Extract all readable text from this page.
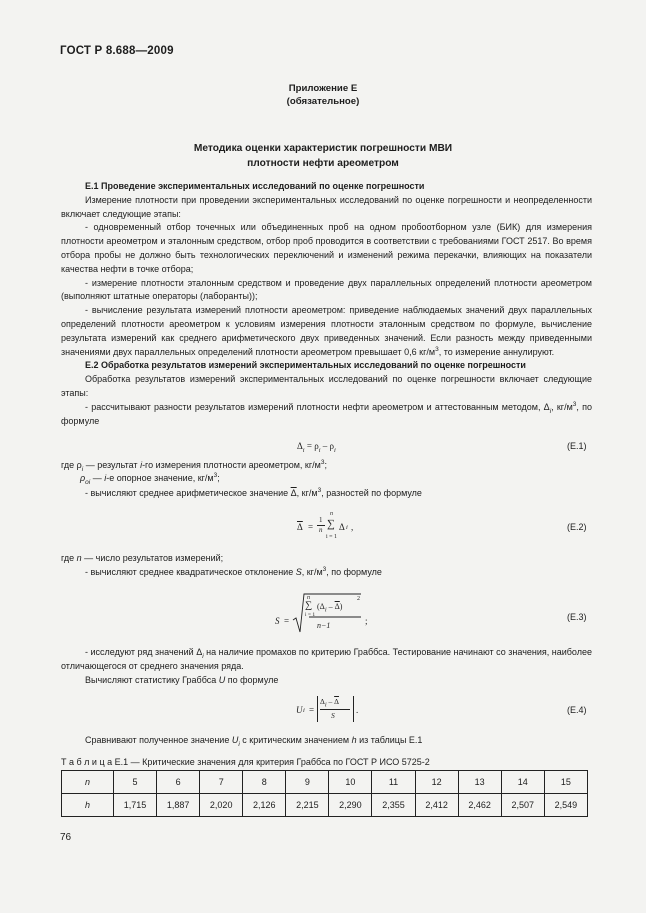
ГОСТ Р 8.688—2009
Приложение Е
(обязательное)
Методика оценки характеристик погрешности МВИ
плотности нефти ареометром

Е.1 Проведение экспериментальных исследований по оценке погрешности

Измерение плотности при проведении экспериментальных исследований по оценке погрешности и неопределенности включает следующие этапы:

- одновременный отбор точечных или объединенных проб на одном пробоотборном узле (БИК) для измерения плотности ареометром и эталонным средством, отбор проб проводится в соответствии с требованиями ГОСТ 2517. Во время отбора пробы не должно быть технологических переключений и изменений режима перекачки, влияющих на показатели качества нефти в точке отбора;

- измерение плотности эталонным средством и проведение двух параллельных определений плотности ареометром (выполняют штатные операторы (лаборанты));

- вычисление результата измерений плотности ареометром: приведение наблюдаемых значений двух параллельных определений плотности ареометром к условиям измерения плотности эталонным средством по формуле, вычисление результата измерений как среднего арифметического двух приведенных значений. Если разность между приведенными значениями двух параллельных определений плотности ареометром превышает 0,6 $кг/м^3$, то измерение аннулируют.

Е.2 Обработка результатов измерений экспериментальных исследований по оценке погрешности

Обработка результатов измерений экспериментальных исследований по оценке погрешности включает следующие этапы:

- рассчитывают разности результатов измерений плотности нефти ареометром и аттестованным методом, $\Delta_i$, $кг/м^3$, по формуле

$\Delta_i = \rho_i - \rho_i$	(Е.1)
где $\rho_i$ — результат i-го измерения плотности ареометром, $кг/м^3$;
$\rho_{oi}$ — i-е опорное значение, $кг/м^3$;
- вычисляют среднее арифметическое значение $\overline{\Delta}$, $кг/м^3$, разностей по формуле
$\overline{\Delta}$ =
1
n
n
∑
i = 1
Δ i ,	(Е.2)
где n — число результатов измерений;
- вычисляют среднее квадратическое отклонение S, $кг/м^3$, по формуле
S =
n
∑
i = 1
$(\Delta_i - \overline{\Delta})$
2
n−1	;	(Е.3)

- исследуют ряд значений $\Delta_i$ на наличие промахов по критерию Граббса. Тестирование начинают со значения, наиболее отличающегося от среднего значения ряда.

Вычисляют статистику Граббса U по формуле

U i =
$\Delta_i - \overline{\Delta}$
S
.	(Е.4)
Сравнивают полученное значение $U_i$ с критическим значением h из таблицы Е.1
Т а б л и ц а Е.1 — Критические значения для критерия Граббса по ГОСТ Р ИСО 5725-2
n	5	6	7	8	9	10	11	12	13	14	15
h	1,715	1,887	2,020	2,126	2,215	2,290	2,355	2,412	2,462	2,507	2,549
76
